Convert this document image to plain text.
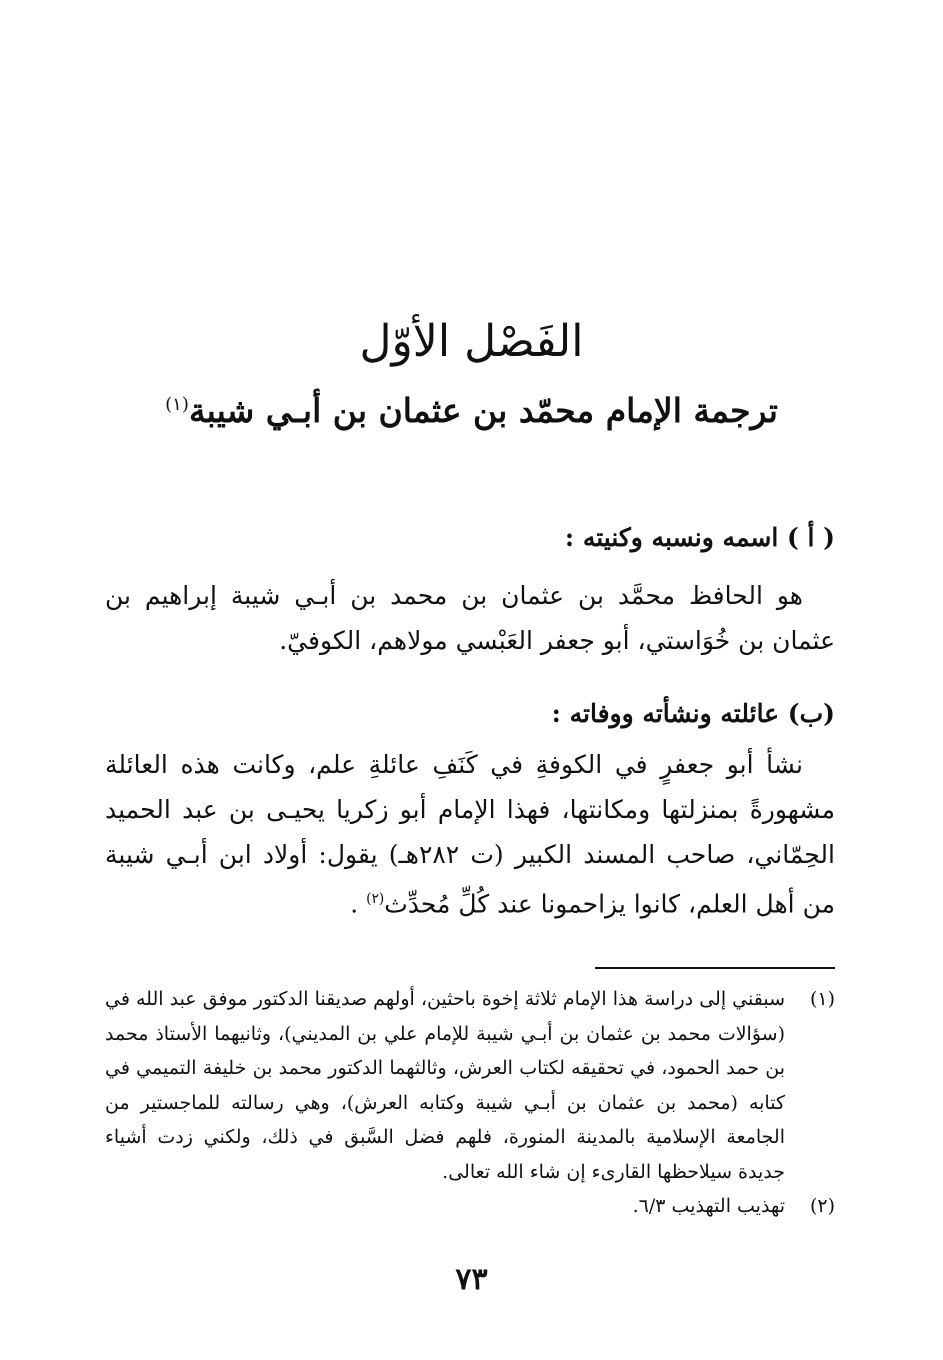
الفَصْل الأوّل
ترجمة الإمام محمّد بن عثمان بن أبـي شيبة$^{(١)}$
( أ ) اسمه ونسبه وكنيته :

هو الحافظ محمَّد بن عثمان بن محمد بن أبـي شيبة إبراهيم بن عثمان بن خُوَاستي، أبو جعفر العَبْسي مولاهم، الكوفيّ.

(ب) عائلته ونشأته ووفاته :

نشأ أبو جعفرٍ في الكوفةِ في كَنَفِ عائلةِ علم، وكانت هذه العائلة مشهورةً بمنزلتها ومكانتها، فهذا الإمام أبو زكريا يحيـى بن عبد الحميد الحِمّاني، صاحب المسند الكبير (ت ٢٨٢هـ) يقول: أولاد ابن أبـي شيبة من أهل العلم، كانوا يزاحمونا عند كُلِّ مُحدِّث$^{(٢)}$ .

(١)
سبقني إلى دراسة هذا الإمام ثلاثة إخوة باحثين، أولهم صديقنا الدكتور موفق عبد الله في (سؤالات محمد بن عثمان بن أبـي شيبة للإمام علي بن المديني)، وثانيهما الأستاذ محمد بن حمد الحمود، في تحقيقه لكتاب العرش، وثالثهما الدكتور محمد بن خليفة التميمي في كتابه (محمد بن عثمان بن أبـي شيبة وكتابه العرش)، وهي رسالته للماجستير من الجامعة الإسلامية بالمدينة المنورة، فلهم فضل السَّبق في ذلك، ولكني زدت أشياء جديدة سيلاحظها القارىء إن شاء الله تعالى.
(٢)
تهذيب التهذيب ٦/٣.
٧٣
